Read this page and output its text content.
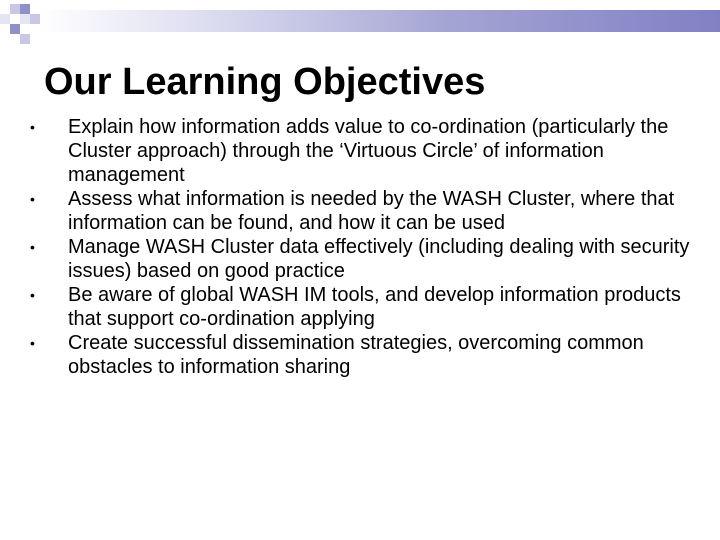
Our Learning Objectives
• Explain how information adds value to co-ordination (particularly the Cluster approach) through the ‘Virtuous Circle’ of information management
• Assess what information is needed by the WASH Cluster, where that information can be found, and how it can be used
• Manage WASH Cluster data effectively (including dealing with security issues) based on good practice
• Be aware of global WASH IM tools, and develop information products that support co-ordination applying
• Create successful dissemination strategies, overcoming common obstacles to information sharing
